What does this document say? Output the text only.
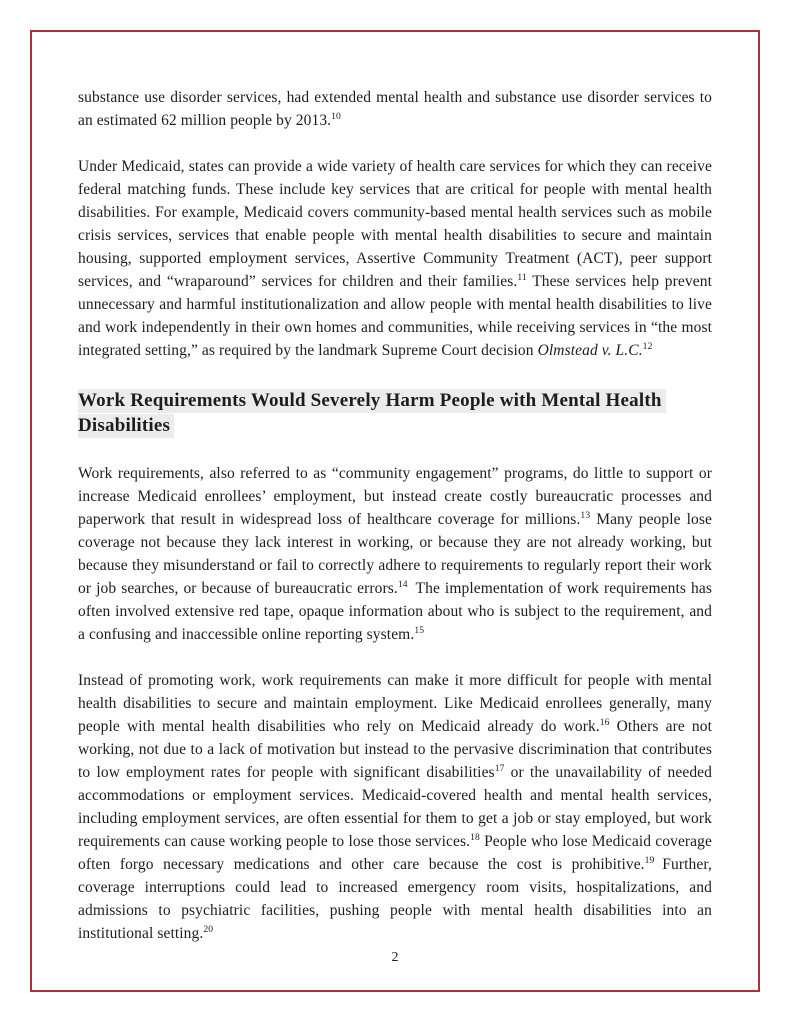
substance use disorder services, had extended mental health and substance use disorder services to an estimated 62 million people by 2013.10

Under Medicaid, states can provide a wide variety of health care services for which they can receive federal matching funds. These include key services that are critical for people with mental health disabilities. For example, Medicaid covers community-based mental health services such as mobile crisis services, services that enable people with mental health disabilities to secure and maintain housing, supported employment services, Assertive Community Treatment (ACT), peer support services, and “wraparound” services for children and their families.$^{11}$ These services help prevent unnecessary and harmful institutionalization and allow people with mental health disabilities to live and work independently in their own homes and communities, while receiving services in “the most integrated setting,” as required by the landmark Supreme Court decision Olmstead v. L.C.$^{12}$

Work Requirements Would Severely Harm People with Mental Health Disabilities

Work requirements, also referred to as “community engagement” programs, do little to support or increase Medicaid enrollees’ employment, but instead create costly bureaucratic processes and paperwork that result in widespread loss of healthcare coverage for millions.$^{13}$ Many people lose coverage not because they lack interest in working, or because they are not already working, but because they misunderstand or fail to correctly adhere to requirements to regularly report their work or job searches, or because of bureaucratic errors.$^{14}$ The implementation of work requirements has often involved extensive red tape, opaque information about who is subject to the requirement, and a confusing and inaccessible online reporting system.$^{15}$

Instead of promoting work, work requirements can make it more difficult for people with mental health disabilities to secure and maintain employment. Like Medicaid enrollees generally, many people with mental health disabilities who rely on Medicaid already do work.$^{16}$ Others are not working, not due to a lack of motivation but instead to the pervasive discrimination that contributes to low employment rates for people with significant disabilities$^{17}$ or the unavailability of needed accommodations or employment services. Medicaid-covered health and mental health services, including employment services, are often essential for them to get a job or stay employed, but work requirements can cause working people to lose those services.$^{18}$ People who lose Medicaid coverage often forgo necessary medications and other care because the cost is prohibitive.$^{19}$ Further, coverage interruptions could lead to increased emergency room visits, hospitalizations, and admissions to psychiatric facilities, pushing people with mental health disabilities into an institutional setting.$^{20}$

2
